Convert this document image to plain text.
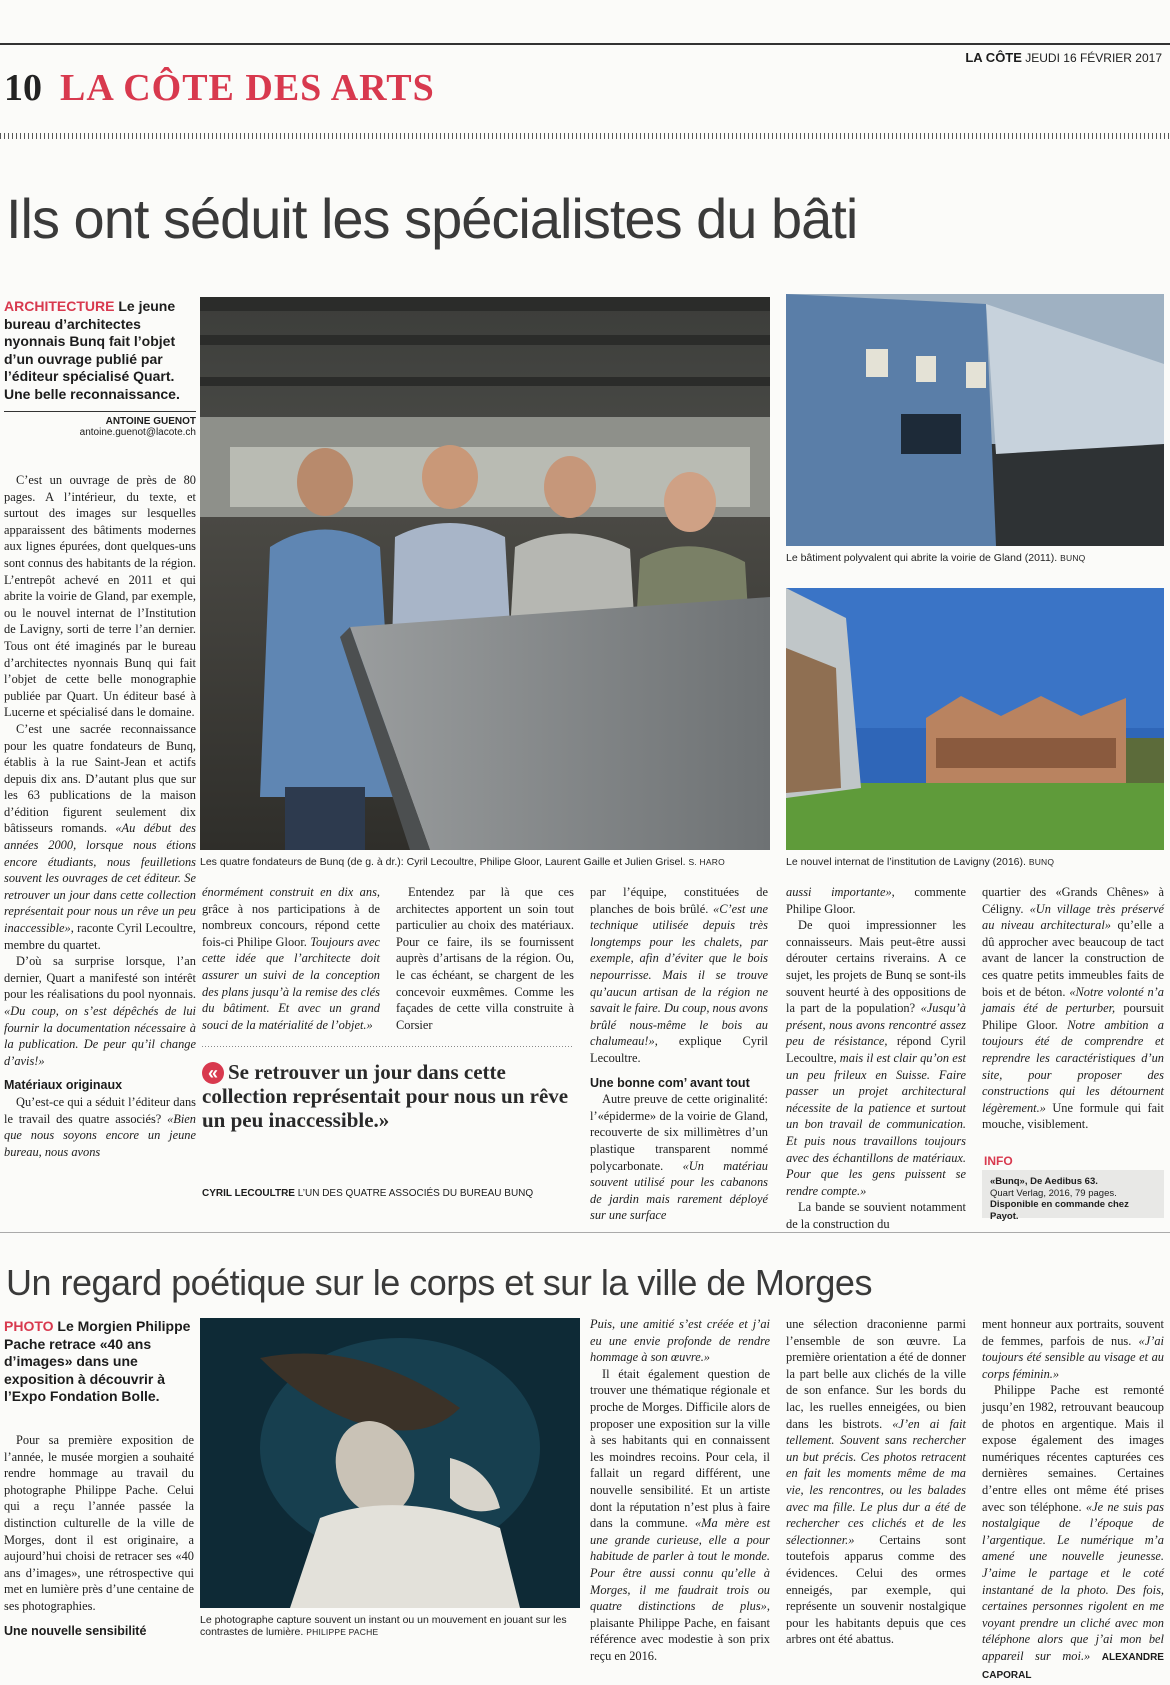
LA CÔTE JEUDI 16 FÉVRIER 2017
10 LA CÔTE DES ARTS
Ils ont séduit les spécialistes du bâti
ARCHITECTURE Le jeune bureau d’architectes nyonnais Bunq fait l’objet d’un ouvrage publié par l’éditeur spécialisé Quart. Une belle reconnaissance.
ANTOINE GUENOT
antoine.guenot@lacote.ch

C’est un ouvrage de près de 80 pages. A l’intérieur, du texte, et surtout des images sur lesquelles apparaissent des bâtiments modernes aux lignes épurées, dont quelques-uns sont connus des habitants de la région. L’entrepôt achevé en 2011 et qui abrite la voirie de Gland, par exemple, ou le nouvel internat de l’Institution de Lavigny, sorti de terre l’an dernier. Tous ont été imaginés par le bureau d’architectes nyonnais Bunq qui fait l’objet de cette belle monographie publiée par Quart. Un éditeur basé à Lucerne et spécialisé dans le domaine.

C’est une sacrée reconnaissance pour les quatre fondateurs de Bunq, établis à la rue Saint-Jean et actifs depuis dix ans. D’autant plus que sur les 63 publications de la maison d’édition figurent seulement dix bâtisseurs romands. «Au début des années 2000, lorsque nous étions encore étudiants, nous feuilletions souvent les ouvrages de cet éditeur. Se retrouver un jour dans cette collection représentait pour nous un rêve un peu inaccessible», raconte Cyril Lecoultre, membre du quartet.

D’où sa surprise lorsque, l’an dernier, Quart a manifesté son intérêt pour les réalisations du pool nyonnais. «Du coup, on s’est dépêchés de lui fournir la documentation nécessaire à la publication. De peur qu’il change d’avis!»

Matériaux originaux

Qu’est-ce qui a séduit l’éditeur dans le travail des quatre associés? «Bien que nous soyons encore un jeune bureau, nous avons

Les quatre fondateurs de Bunq (de g. à dr.): Cyril Lecoultre, Philipe Gloor, Laurent Gaille et Julien Grisel. S. HARO
Le bâtiment polyvalent qui abrite la voirie de Gland (2011). BUNQ
Le nouvel internat de l’institution de Lavigny (2016). BUNQ

énormément construit en dix ans, grâce à nos participations à de nombreux concours, répond cette fois-ci Philipe Gloor. Toujours avec cette idée que l’architecte doit assurer un suivi de la conception des plans jusqu’à la remise des clés du bâtiment. Et avec un grand souci de la matérialité de l’objet.»

Entendez par là que ces architectes apportent un soin tout particulier au choix des matériaux. Pour ce faire, ils se fournissent auprès d’artisans de la région. Ou, le cas échéant, se chargent de les concevoir euxmêmes. Comme les façades de cette villa construite à Corsier

« Se retrouver un jour dans cette collection représentait pour nous un rêve un peu inaccessible.»
CYRIL LECOULTRE L’UN DES QUATRE ASSOCIÉS DU BUREAU BUNQ

par l’équipe, constituées de planches de bois brûlé. «C’est une technique utilisée depuis très longtemps pour les chalets, par exemple, afin d’éviter que le bois nepourrisse. Mais il se trouve qu’aucun artisan de la région ne savait le faire. Du coup, nous avons brûlé nous-même le bois au chalumeau!», explique Cyril Lecoultre.

Une bonne com’ avant tout

Autre preuve de cette originalité: l’«épiderme» de la voirie de Gland, recouverte de six millimètres d’un plastique transparent nommé polycarbonate. «Un matériau souvent utilisé pour les cabanons de jardin mais rarement déployé sur une surface

aussi importante», commente Philipe Gloor.

De quoi impressionner les connaisseurs. Mais peut-être aussi dérouter certains riverains. A ce sujet, les projets de Bunq se sont-ils souvent heurté à des oppositions de la part de la population? «Jusqu’à présent, nous avons rencontré assez peu de résistance, répond Cyril Lecoultre, mais il est clair qu’on est un peu frileux en Suisse. Faire passer un projet architectural nécessite de la patience et surtout un bon travail de communication. Et puis nous travaillons toujours avec des échantillons de matériaux. Pour que les gens puissent se rendre compte.»

La bande se souvient notamment de la construction du

quartier des «Grands Chênes» à Céligny. «Un village très préservé au niveau architectural» qu’elle a dû approcher avec beaucoup de tact avant de lancer la construction de ces quatre petits immeubles faits de bois et de béton. «Notre volonté n’a jamais été de perturber, poursuit Philipe Gloor. Notre ambition a toujours été de comprendre et reprendre les caractéristiques d’un site, pour proposer des constructions qui les détournent légèrement.» Une formule qui fait mouche, visiblement.

INFO
«Bunq», De Aedibus 63.
Quart Verlag, 2016, 79 pages.
Disponible en commande chez Payot.
Un regard poétique sur le corps et sur la ville de Morges
PHOTO Le Morgien Philippe Pache retrace «40 ans d’images» dans une exposition à découvrir à l’Expo Fondation Bolle.

Pour sa première exposition de l’année, le musée morgien a souhaité rendre hommage au travail du photographe Philippe Pache. Celui qui a reçu l’année passée la distinction culturelle de la ville de Morges, dont il est originaire, a aujourd’hui choisi de retracer ses «40 ans d’images», une rétrospective qui met en lumière près d’une centaine de ses photographies.

Une nouvelle sensibilité
Le photographe capture souvent un instant ou un mouvement en jouant sur les contrastes de lumière. PHILIPPE PACHE

Puis, une amitié s’est créée et j’ai eu une envie profonde de rendre hommage à son œuvre.»

Il était également question de trouver une thématique régionale et proche de Morges. Difficile alors de proposer une exposition sur la ville à ses habitants qui en connaissent les moindres recoins. Pour cela, il fallait un regard différent, une nouvelle sensibilité. Et un artiste dont la réputation n’est plus à faire dans la commune. «Ma mère est une grande curieuse, elle a pour habitude de parler à tout le monde. Pour être aussi connu qu’elle à Morges, il me faudrait trois ou quatre distinctions de plus», plaisante Philippe Pache, en faisant référence avec modestie à son prix reçu en 2016.

une sélection draconienne parmi l’ensemble de son œuvre. La première orientation a été de donner la part belle aux clichés de la ville de son enfance. Sur les bords du lac, les ruelles enneigées, ou bien dans les bistrots. «J’en ai fait tellement. Souvent sans rechercher un but précis. Ces photos retracent en fait les moments même de ma vie, les rencontres, ou les balades avec ma fille. Le plus dur a été de rechercher ces clichés et de les sélectionner.» Certains sont toutefois apparus comme des évidences. Celui des ormes enneigés, par exemple, qui représente un souvenir nostalgique pour les habitants depuis que ces arbres ont été abattus.

ment honneur aux portraits, souvent de femmes, parfois de nus. «J’ai toujours été sensible au visage et au corps féminin.»

Philippe Pache est remonté jusqu’en 1982, retrouvant beaucoup de photos en argentique. Mais il expose également des images numériques récentes capturées ces dernières semaines. Certaines d’entre elles ont même été prises avec son téléphone. «Je ne suis pas nostalgique de l’époque de l’argentique. Le numérique m’a amené une nouvelle jeunesse. J’aime le partage et le coté instantané de la photo. Des fois, certaines personnes rigolent en me voyant prendre un cliché avec mon téléphone alors que j’ai mon bel appareil sur moi.» ALEXANDRE CAPORAL
